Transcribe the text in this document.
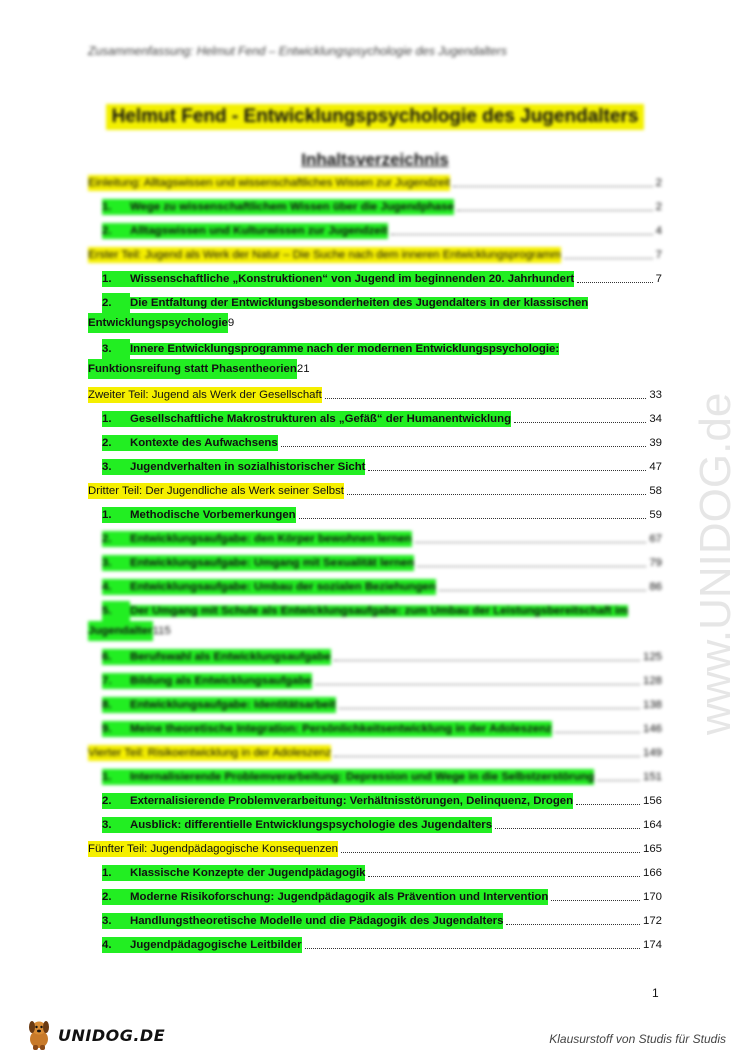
Zusammenfassung: Helmut Fend – Entwicklungspsychologie des Jugendalters
Helmut Fend - Entwicklungspsychologie des Jugendalters
Inhaltsverzeichnis
Einleitung: Alltagswissen und wissenschaftliches Wissen zur Jugendzeit	2
1. Wege zu wissenschaftlichem Wissen über die Jugendphase	2
2. Alltagswissen und Kulturwissen zur Jugendzeit	4
Erster Teil: Jugend als Werk der Natur – Die Suche nach dem inneren Entwicklungsprogramm	7
1. Wissenschaftliche „Konstruktionen“ von Jugend im beginnenden 20. Jahrhundert	7
2. Die Entfaltung der Entwicklungsbesonderheiten des Jugendalters in der klassischen
Entwicklungspsychologie 9
3. Innere Entwicklungsprogramme nach der modernen Entwicklungspsychologie:
Funktionsreifung statt Phasentheorien 21
Zweiter Teil: Jugend als Werk der Gesellschaft	33
1. Gesellschaftliche Makrostrukturen als „Gefäß“ der Humanentwicklung	34
2. Kontexte des Aufwachsens	39
3. Jugendverhalten in sozialhistorischer Sicht	47
Dritter Teil: Der Jugendliche als Werk seiner Selbst	58
1. Methodische Vorbemerkungen	59
2. Entwicklungsaufgabe: den Körper bewohnen lernen	67
3. Entwicklungsaufgabe: Umgang mit Sexualität lernen	79
4. Entwicklungsaufgabe: Umbau der sozialen Beziehungen	86
5. Der Umgang mit Schule als Entwicklungsaufgabe: zum Umbau der Leistungsbereitschaft im
Jugendalter 115
6. Berufswahl als Entwicklungsaufgabe	125
7. Bildung als Entwicklungsaufgabe	128
8. Entwicklungsaufgabe: Identitätsarbeit	138
9. Meine theoretische Integration: Persönlichkeitsentwicklung in der Adoleszenz	146
Vierter Teil: Risikoentwicklung in der Adoleszenz	149
1. Internalisierende Problemverarbeitung: Depression und Wege in die Selbstzerstörung	151
2. Externalisierende Problemverarbeitung: Verhältnisstörungen, Delinquenz, Drogen	156
3. Ausblick: differentielle Entwicklungspsychologie des Jugendalters	164
Fünfter Teil: Jugendpädagogische Konsequenzen	165
1. Klassische Konzepte der Jugendpädagogik	166
2. Moderne Risikoforschung: Jugendpädagogik als Prävention und Intervention	170
3. Handlungstheoretische Modelle und die Pädagogik des Jugendalters	172
4. Jugendpädagogische Leitbilder	174
www.UNIDOG.de
1
UNIDOG.DE	Klausurstoff von Studis für Studis
